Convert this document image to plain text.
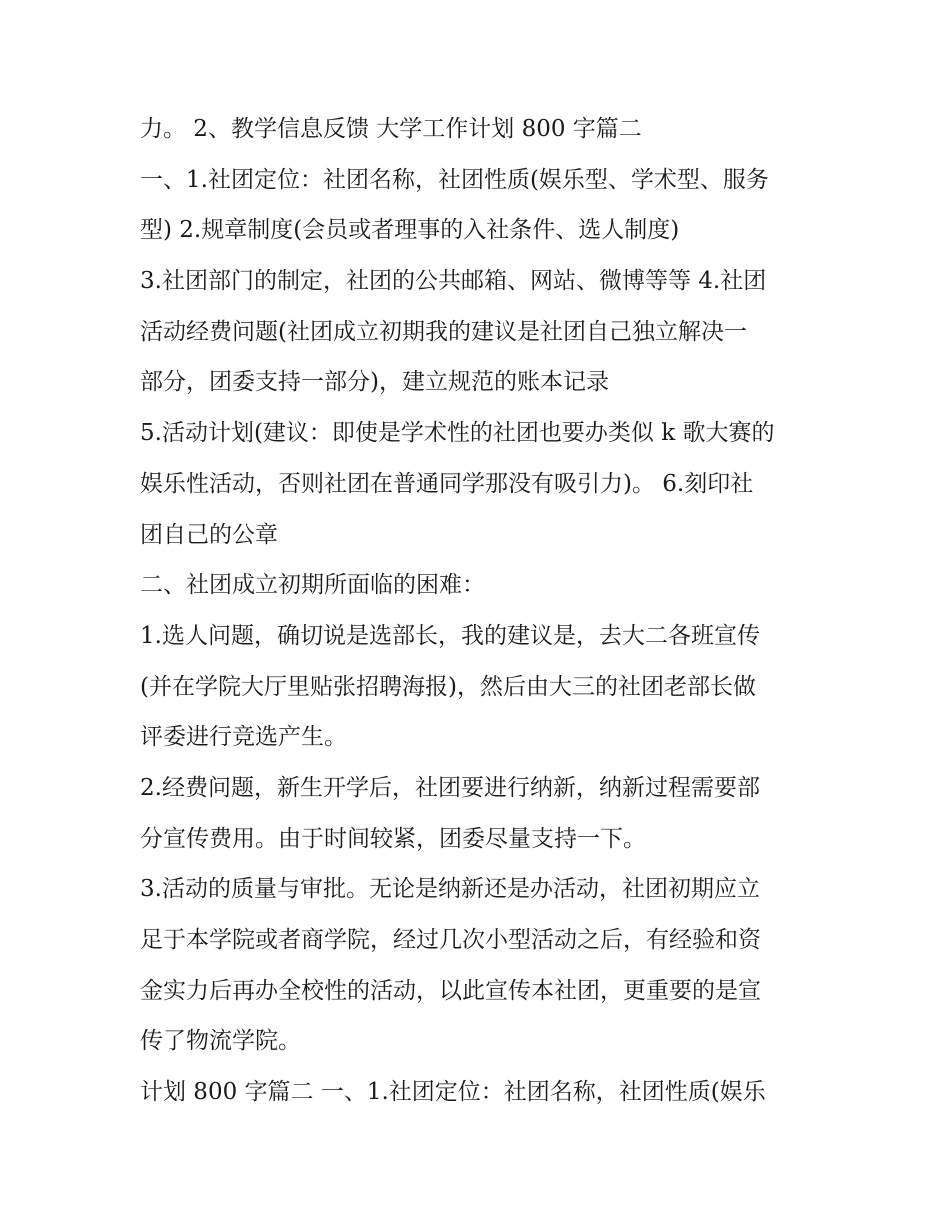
力。 2、教学信息反馈 大学工作计划 800 字篇二
一、1.社团定位：社团名称，社团性质(娱乐型、学术型、服务
型) 2.规章制度(会员或者理事的入社条件、选人制度)
3.社团部门的制定，社团的公共邮箱、网站、微博等等 4.社团
活动经费问题(社团成立初期我的建议是社团自己独立解决一
部分，团委支持一部分)，建立规范的账本记录
5.活动计划(建议：即使是学术性的社团也要办类似 k 歌大赛的
娱乐性活动，否则社团在普通同学那没有吸引力)。 6.刻印社
团自己的公章
二、社团成立初期所面临的困难：
1.选人问题，确切说是选部长，我的建议是，去大二各班宣传
(并在学院大厅里贴张招聘海报)，然后由大三的社团老部长做
评委进行竞选产生。
2.经费问题，新生开学后，社团要进行纳新，纳新过程需要部
分宣传费用。由于时间较紧，团委尽量支持一下。
3.活动的质量与审批。无论是纳新还是办活动，社团初期应立
足于本学院或者商学院，经过几次小型活动之后，有经验和资
金实力后再办全校性的活动，以此宣传本社团，更重要的是宣
传了物流学院。
计划 800 字篇二 一、1.社团定位：社团名称，社团性质(娱乐
